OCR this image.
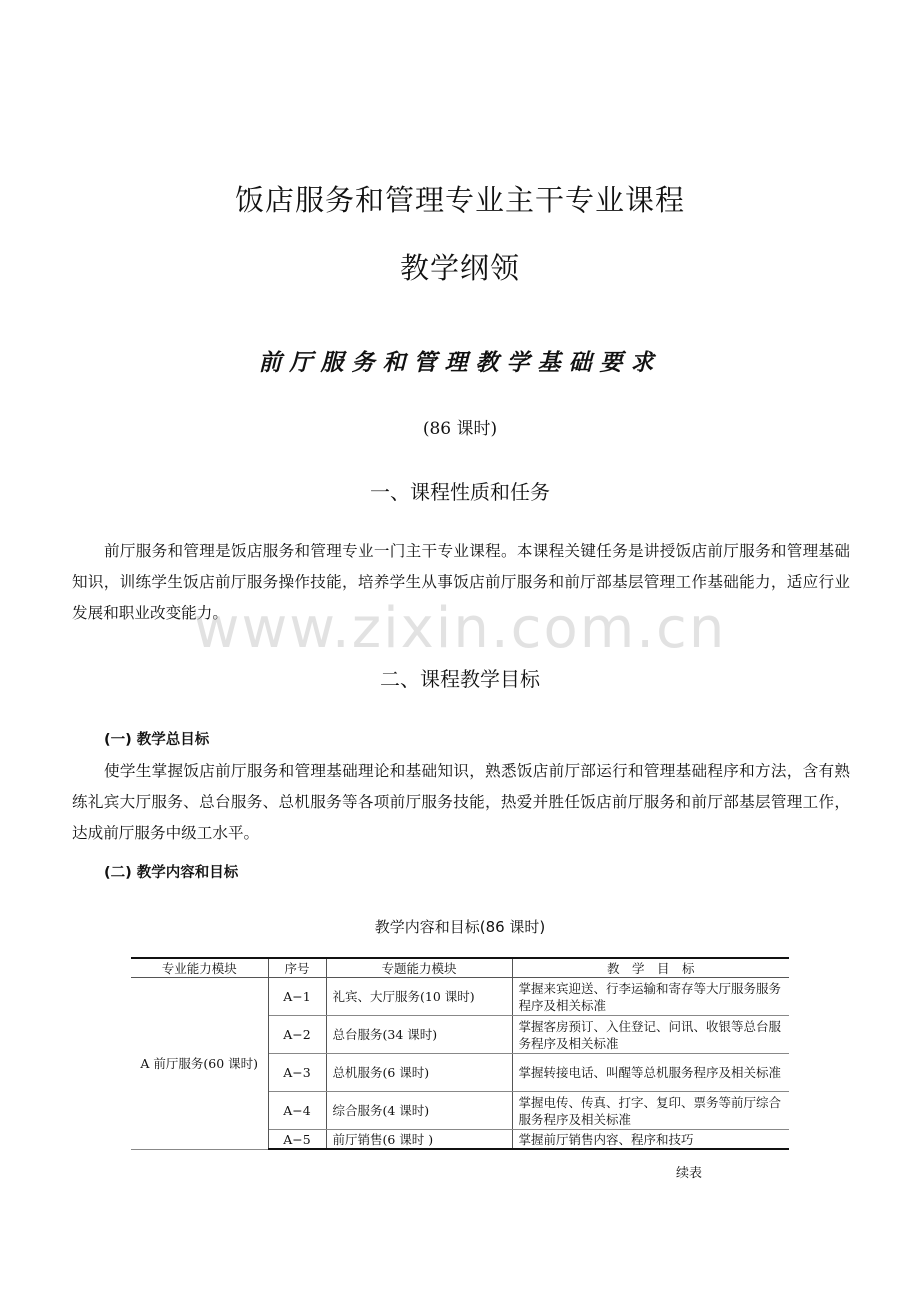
饭店服务和管理专业主干专业课程
教学纲领
前厅服务和管理教学基础要求
(86 课时)
一、课程性质和任务
前厅服务和管理是饭店服务和管理专业一门主干专业课程。本课程关键任务是讲授饭店前厅服务和管理基础知识，训练学生饭店前厅服务操作技能，培养学生从事饭店前厅服务和前厅部基层管理工作基础能力，适应行业发展和职业改变能力。
www.zixin.com.cn
二、课程教学目标
(一) 教学总目标
使学生掌握饭店前厅服务和管理基础理论和基础知识，熟悉饭店前厅部运行和管理基础程序和方法，含有熟练礼宾大厅服务、总台服务、总机服务等各项前厅服务技能，热爱并胜任饭店前厅服务和前厅部基层管理工作，达成前厅服务中级工水平。
(二) 教学内容和目标
教学内容和目标(86 课时)
专业能力模块	序号	专题能力模块	教　学　目　标
A 前厅服务(60 课时)	A−1	礼宾、大厅服务(10 课时)	掌握来宾迎送、行李运输和寄存等大厅服务服务程序及相关标准
	A−2	总台服务(34 课时)	掌握客房预订、入住登记、问讯、收银等总台服务程序及相关标准
	A−3	总机服务(6 课时)	掌握转接电话、叫醒等总机服务程序及相关标准
	A−4	综合服务(4 课时)	掌握电传、传真、打字、复印、票务等前厅综合服务程序及相关标准
	A−5	前厅销售(6 课时 )	掌握前厅销售内容、程序和技巧
续表
